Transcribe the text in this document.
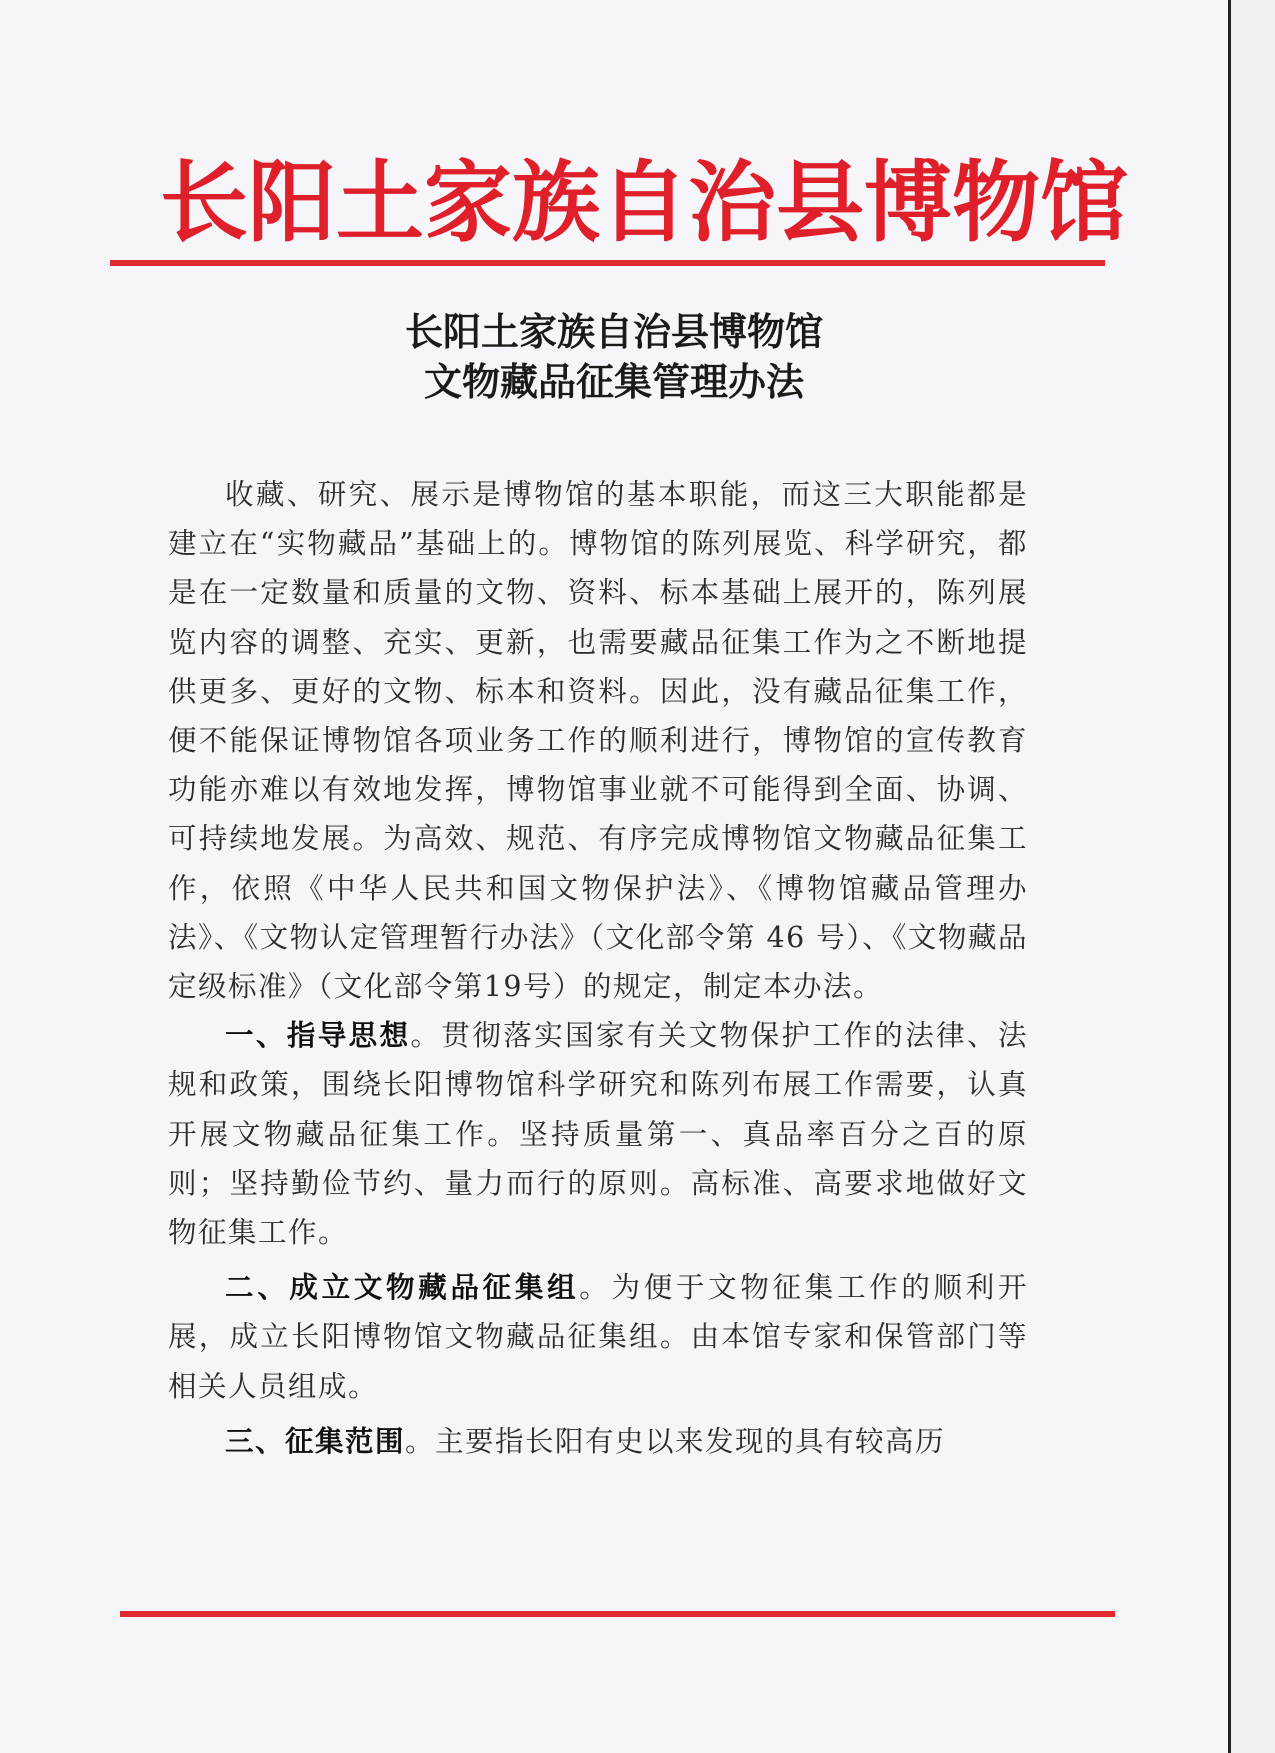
长阳土家族自治县博物馆
长阳土家族自治县博物馆
文物藏品征集管理办法

收藏、研究、展示是博物馆的基本职能，而这三大职能都是建立在“实物藏品”基础上的。博物馆的陈列展览、科学研究，都是在一定数量和质量的文物、资料、标本基础上展开的，陈列展览内容的调整、充实、更新，也需要藏品征集工作为之不断地提供更多、更好的文物、标本和资料。因此，没有藏品征集工作，便不能保证博物馆各项业务工作的顺利进行，博物馆的宣传教育功能亦难以有效地发挥，博物馆事业就不可能得到全面、协调、可持续地发展。为高效、规范、有序完成博物馆文物藏品征集工作，依照《中华人民共和国文物保护法》、《博物馆藏品管理办法》、《文物认定管理暂行办法》（文化部令第 46 号）、《文物藏品定级标准》（文化部令第19号）的规定，制定本办法。

一、指导思想。贯彻落实国家有关文物保护工作的法律、法规和政策，围绕长阳博物馆科学研究和陈列布展工作需要，认真开展文物藏品征集工作。坚持质量第一、真品率百分之百的原则；坚持勤俭节约、量力而行的原则。高标准、高要求地做好文物征集工作。

二、成立文物藏品征集组。为便于文物征集工作的顺利开展，成立长阳博物馆文物藏品征集组。由本馆专家和保管部门等相关人员组成。

三、征集范围。主要指长阳有史以来发现的具有较高历
